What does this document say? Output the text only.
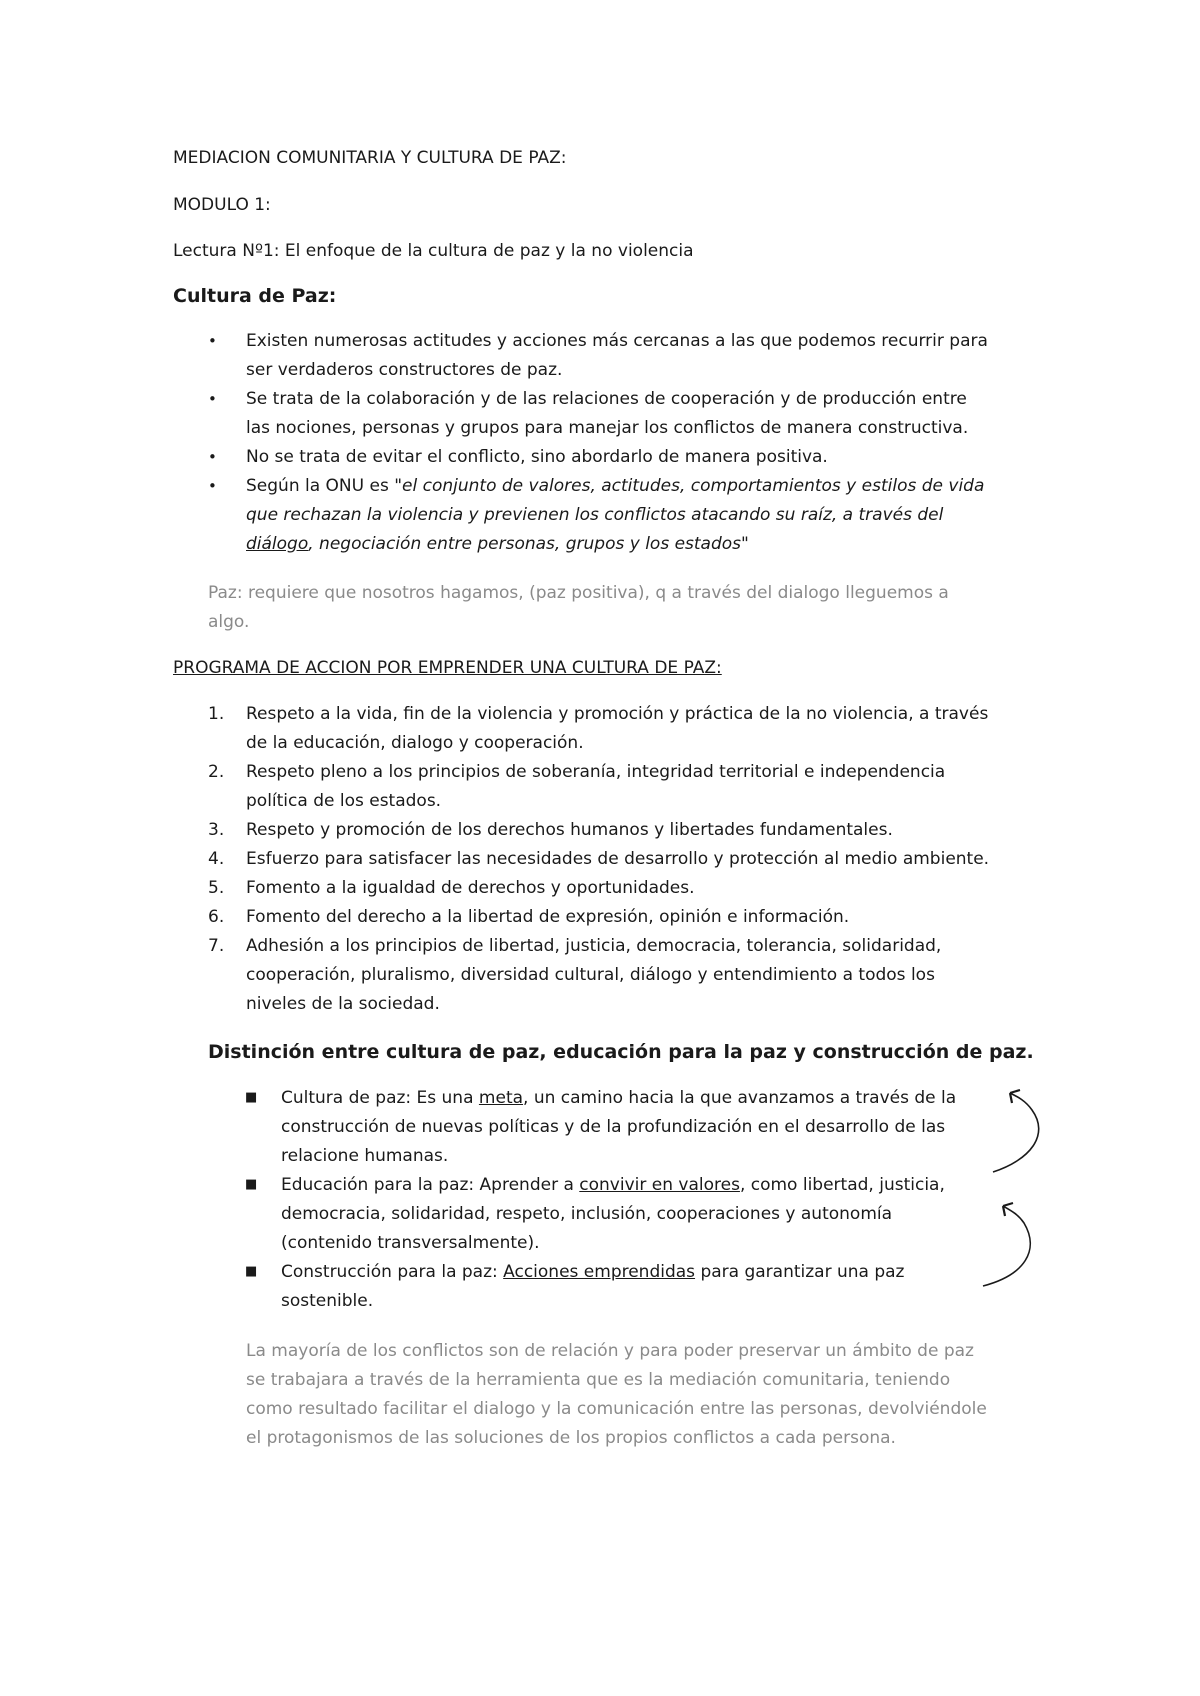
MEDIACION COMUNITARIA Y CULTURA DE PAZ:
MODULO 1:
Lectura Nº1: El enfoque de la cultura de paz y la no violencia
Cultura de Paz:
• Existen numerosas actitudes y acciones más cercanas a las que podemos recurrir para
ser verdaderos constructores de paz.
• Se trata de la colaboración y de las relaciones de cooperación y de producción entre
las nociones, personas y grupos para manejar los conflictos de manera constructiva.
• No se trata de evitar el conflicto, sino abordarlo de manera positiva.
• Según la ONU es "el conjunto de valores, actitudes, comportamientos y estilos de vida
que rechazan la violencia y previenen los conflictos atacando su raíz, a través del
diálogo, negociación entre personas, grupos y los estados"
Paz: requiere que nosotros hagamos, (paz positiva), q a través del dialogo lleguemos a
algo.
PROGRAMA DE ACCION POR EMPRENDER UNA CULTURA DE PAZ:
1.	Respeto a la vida, fin de la violencia y promoción y práctica de la no violencia, a través
de la educación, dialogo y cooperación.
2.	Respeto pleno a los principios de soberanía, integridad territorial e independencia
política de los estados.
3.	Respeto y promoción de los derechos humanos y libertades fundamentales.
4.	Esfuerzo para satisfacer las necesidades de desarrollo y protección al medio ambiente.
5.	Fomento a la igualdad de derechos y oportunidades.
6.	Fomento del derecho a la libertad de expresión, opinión e información.
7.	Adhesión a los principios de libertad, justicia, democracia, tolerancia, solidaridad,
cooperación, pluralismo, diversidad cultural, diálogo y entendimiento a todos los
niveles de la sociedad.
Distinción entre cultura de paz, educación para la paz y construcción de paz.
■ Cultura de paz: Es una meta, un camino hacia la que avanzamos a través de la
construcción de nuevas políticas y de la profundización en el desarrollo de las
relacione humanas.
■ Educación para la paz: Aprender a convivir en valores, como libertad, justicia,
democracia, solidaridad, respeto, inclusión, cooperaciones y autonomía
(contenido transversalmente).
■ Construcción para la paz: Acciones emprendidas para garantizar una paz
sostenible.
La mayoría de los conflictos son de relación y para poder preservar un ámbito de paz
se trabajara a través de la herramienta que es la mediación comunitaria, teniendo
como resultado facilitar el dialogo y la comunicación entre las personas, devolviéndole
el protagonismos de las soluciones de los propios conflictos a cada persona.
